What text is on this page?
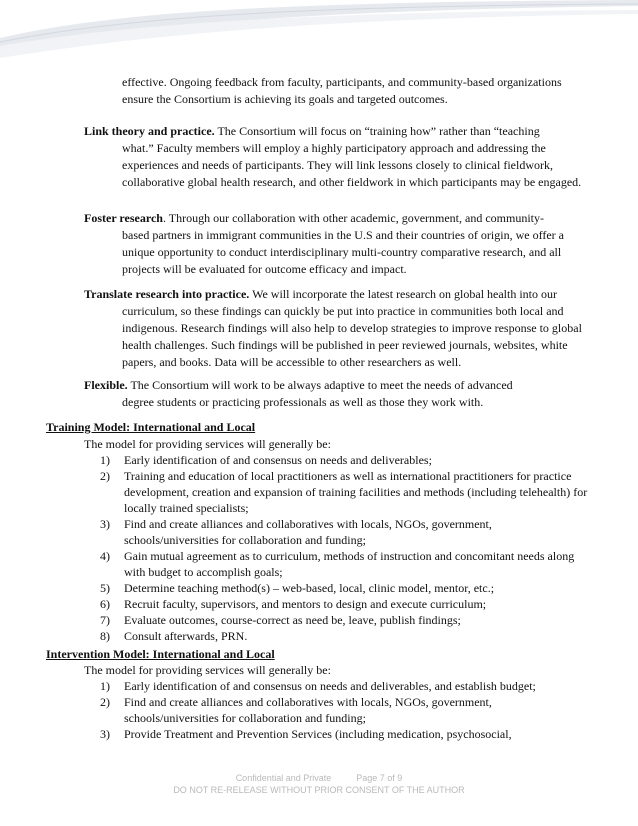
effective. Ongoing feedback from faculty, participants, and community-based organizations
ensure the Consortium is achieving its goals and targeted outcomes.
Link theory and practice. The Consortium will focus on “training how” rather than “teaching
what.” Faculty members will employ a highly participatory approach and addressing the experiences and needs of participants. They will link lessons closely to clinical fieldwork, collaborative global health research, and other fieldwork in which participants may be engaged.
Foster research. Through our collaboration with other academic, government, and community-
based partners in immigrant communities in the U.S and their countries of origin, we offer a unique opportunity to conduct interdisciplinary multi-country comparative research, and all projects will be evaluated for outcome efficacy and impact.
Translate research into practice. We will incorporate the latest research on global health into our
curriculum, so these findings can quickly be put into practice in communities both local and indigenous. Research findings will also help to develop strategies to improve response to global health challenges. Such findings will be published in peer reviewed journals, websites, white papers, and books. Data will be accessible to other researchers as well.
Flexible. The Consortium will work to be always adaptive to meet the needs of advanced
degree students or practicing professionals as well as those they work with.
Training Model: International and Local
The model for providing services will generally be:
1) Early identification of and consensus on needs and deliverables;
2) Training and education of local practitioners as well as international practitioners for practice development, creation and expansion of training facilities and methods (including telehealth) for locally trained specialists;
3) Find and create alliances and collaboratives with locals, NGOs, government, schools/universities for collaboration and funding;
4) Gain mutual agreement as to curriculum, methods of instruction and concomitant needs along with budget to accomplish goals;
5) Determine teaching method(s) – web-based, local, clinic model, mentor, etc.;
6) Recruit faculty, supervisors, and mentors to design and execute curriculum;
7) Evaluate outcomes, course-correct as need be, leave, publish findings;
8) Consult afterwards, PRN.
Intervention Model: International and Local
The model for providing services will generally be:
1) Early identification of and consensus on needs and deliverables, and establish budget;
2) Find and create alliances and collaboratives with locals, NGOs, government, schools/universities for collaboration and funding;
3) Provide Treatment and Prevention Services (including medication, psychosocial,
Confidential and Private	Page 7 of 9
DO NOT RE-RELEASE WITHOUT PRIOR CONSENT OF THE AUTHOR
